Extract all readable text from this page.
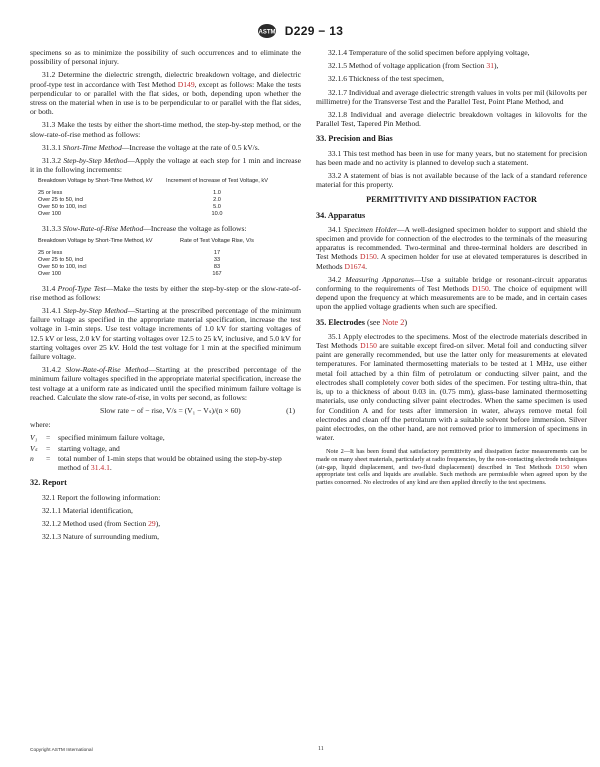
ASTM D229 − 13

specimens so as to minimize the possibility of such occurrences and to eliminate the possibility of personal injury.

31.2 Determine the dielectric strength, dielectric breakdown voltage, and dielectric proof-type test in accordance with Test Method D149, except as follows: Make the tests perpendicular to or parallel with the flat sides, or both, depending upon whether the stress on the material when in use is to be perpendicular to or parallel with the flat sides, or both.

31.3 Make the tests by either the short-time method, the step-by-step method, or the slow-rate-of-rise method as follows:

31.3.1 Short-Time Method—Increase the voltage at the rate of 0.5 kV/s.

31.3.2 Step-by-Step Method—Apply the voltage at each step for 1 min and increase it in the following increments:

Breakdown Voltage by Short-Time Method, kV	Increment of Increase of Test Voltage, kV
25 or less	1.0
Over 25 to 50, incl	2.0
Over 50 to 100, incl	5.0
Over 100	10.0

31.3.3 Slow-Rate-of-Rise Method—Increase the voltage as follows:

Breakdown Voltage by Short-Time Method, kV	Rate of Test Voltage Rise, V/s
25 or less	17
Over 25 to 50, incl	33
Over 50 to 100, incl	83
Over 100	167

31.4 Proof-Type Test—Make the tests by either the step-by-step or the slow-rate-of-rise method as follows:

31.4.1 Step-by-Step Method—Starting at the prescribed percentage of the minimum failure voltage as specified in the appropriate material specification, increase the test voltage in 1-min steps. Use test voltage increments of 1.0 kV for starting voltages of 12.5 kV or less, 2.0 kV for starting voltages over 12.5 to 25 kV, inclusive, and 5.0 kV for starting voltages over 25 kV. Hold the test voltage for 1 min at the specified minimum failure voltage.

31.4.2 Slow-Rate-of-Rise Method—Starting at the prescribed percentage of the minimum failure voltages specified in the appropriate material specification, increase the test voltage at a uniform rate as indicated until the specified minimum failure voltage is reached. Calculate the slow rate-of-rise, in volts per second, as follows:

Slow rate − of − rise, V/s = (V₁ − Vₛ)/(n × 60)	(1)
where:
V₁	=	specified minimum failure voltage,
Vₛ	=	starting voltage, and
n	=	total number of 1-min steps that would be obtained using the step-by-step method of 31.4.1.
32. Report

32.1 Report the following information:

32.1.1 Material identification,

32.1.2 Method used (from Section 29),

32.1.3 Nature of surrounding medium,

32.1.4 Temperature of the solid specimen before applying voltage,

32.1.5 Method of voltage application (from Section 31),

32.1.6 Thickness of the test specimen,

32.1.7 Individual and average dielectric strength values in volts per mil (kilovolts per millimetre) for the Transverse Test and the Parallel Test, Point Plane Method, and

32.1.8 Individual and average dielectric breakdown voltages in kilovolts for the Parallel Test, Tapered Pin Method.

33. Precision and Bias

33.1 This test method has been in use for many years, but no statement for precision has been made and no activity is planned to develop such a statement.

33.2 A statement of bias is not available because of the lack of a standard reference material for this property.

PERMITTIVITY AND DISSIPATION FACTOR
34. Apparatus

34.1 Specimen Holder—A well-designed specimen holder to support and shield the specimen and provide for connection of the electrodes to the terminals of the measuring apparatus is recommended. Two-terminal and three-terminal holders are described in Test Methods D150. A specimen holder for use at elevated temperatures is described in Methods D1674.

34.2 Measuring Apparatus—Use a suitable bridge or resonant-circuit apparatus conforming to the requirements of Test Methods D150. The choice of equipment will depend upon the frequency at which measurements are to be made, and in certain cases upon the applied voltage gradients when such are specified.

35. Electrodes (see Note 2)

35.1 Apply electrodes to the specimens. Most of the electrode materials described in Test Methods D150 are suitable except fired-on silver. Metal foil and conducting silver paint are generally recommended, but use the latter only for measurements at elevated temperatures. For laminated thermosetting materials to be tested at 1 MHz, use either metal foil attached by a thin film of petrolatum or conducting silver paint, and the electrodes shall completely cover both sides of the specimen. For testing ultra-thin, that is, up to a thickness of about 0.03 in. (0.75 mm), glass-base laminated thermosetting materials, use only conducting silver paint electrodes. When the same specimen is used for Condition A and for tests after immersion in water, always remove metal foil electrodes and clean off the petrolatum with a suitable solvent before immersion. Silver paint electrodes, on the other hand, are not removed prior to immersion of specimens in water.

Note 2—It has been found that satisfactory permittivity and dissipation factor measurements can be made on many sheet materials, particularly at radio frequencies, by the non-contacting electrode techniques (air-gap, liquid displacement, and two-fluid displacement) described in Test Methods D150 when appropriate test cells and liquids are available. Such methods are permissible when agreed upon by the parties concerned. No electrodes of any kind are then applied directly to the test specimens.

Copyright ASTM International	11
